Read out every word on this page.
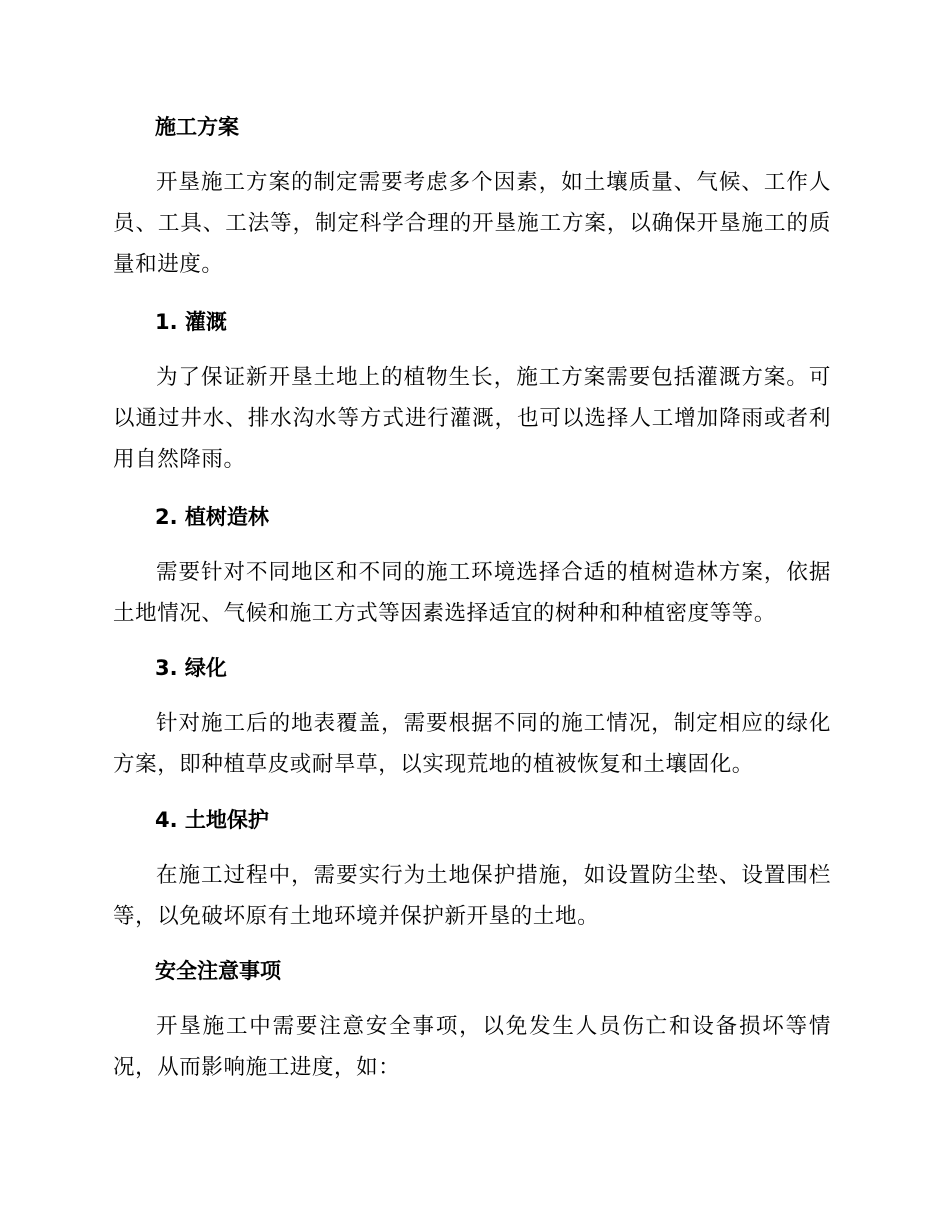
施工方案

开垦施工方案的制定需要考虑多个因素，如土壤质量、气候、工作人员、工具、工法等，制定科学合理的开垦施工方案，以确保开垦施工的质量和进度。

1. 灌溉

为了保证新开垦土地上的植物生长，施工方案需要包括灌溉方案。可以通过井水、排水沟水等方式进行灌溉，也可以选择人工增加降雨或者利用自然降雨。

2. 植树造林

需要针对不同地区和不同的施工环境选择合适的植树造林方案，依据土地情况、气候和施工方式等因素选择适宜的树种和种植密度等等。

3. 绿化

针对施工后的地表覆盖，需要根据不同的施工情况，制定相应的绿化方案，即种植草皮或耐旱草，以实现荒地的植被恢复和土壤固化。

4. 土地保护

在施工过程中，需要实行为土地保护措施，如设置防尘垫、设置围栏等，以免破坏原有土地环境并保护新开垦的土地。

安全注意事项

开垦施工中需要注意安全事项，以免发生人员伤亡和设备损坏等情况，从而影响施工进度，如：
